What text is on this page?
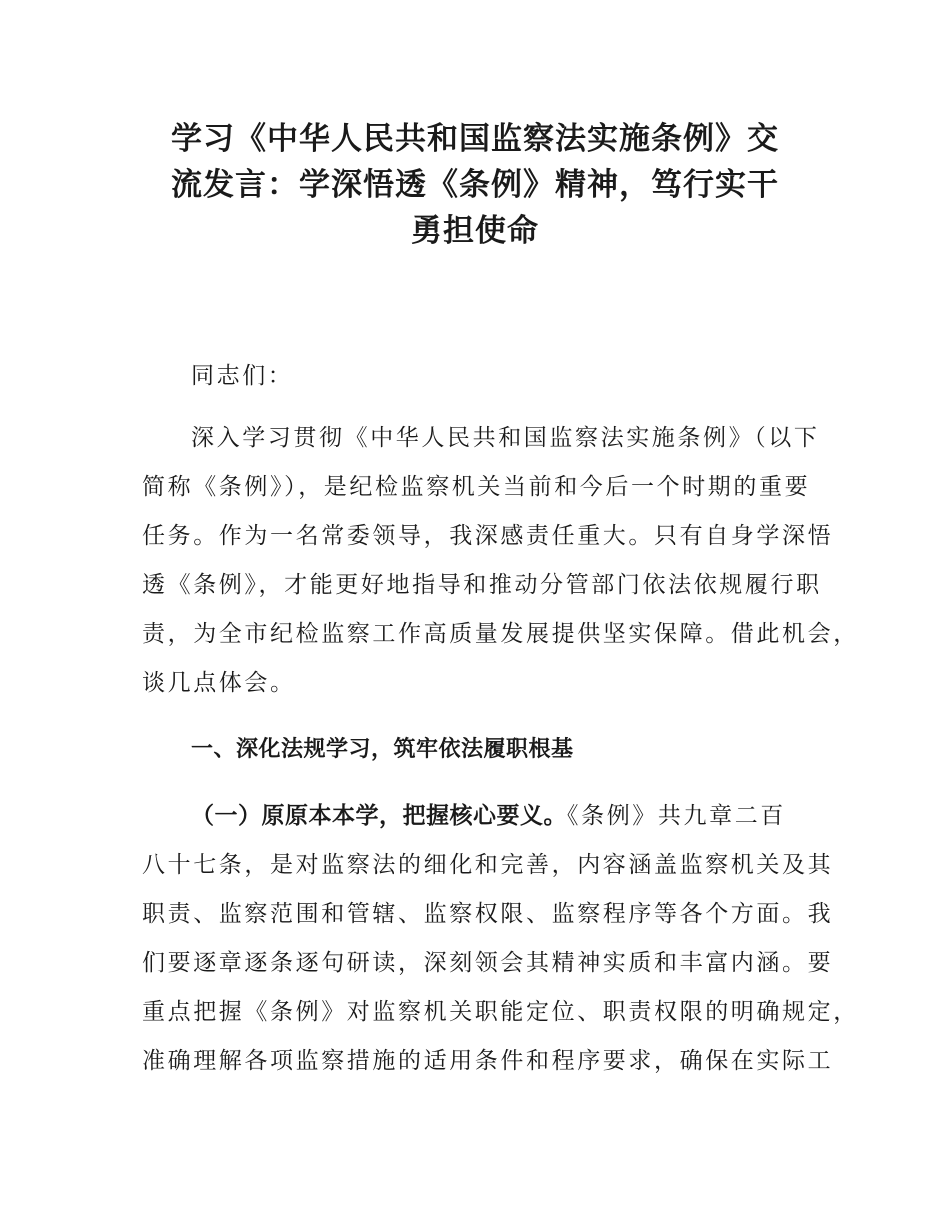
学习《中华人民共和国监察法实施条例》交
流发言：学深悟透《条例》精神，笃行实干
勇担使命

同志们：

深入学习贯彻《中华人民共和国监察法实施条例》（以下
简称《条例》），是纪检监察机关当前和今后一个时期的重要
任务。作为一名常委领导，我深感责任重大。只有自身学深悟
透《条例》，才能更好地指导和推动分管部门依法依规履行职
责，为全市纪检监察工作高质量发展提供坚实保障。借此机会，
谈几点体会。

一、深化法规学习，筑牢依法履职根基

（一）原原本本学，把握核心要义。《条例》共九章二百
八十七条，是对监察法的细化和完善，内容涵盖监察机关及其
职责、监察范围和管辖、监察权限、监察程序等各个方面。我
们要逐章逐条逐句研读，深刻领会其精神实质和丰富内涵。要
重点把握《条例》对监察机关职能定位、职责权限的明确规定，
准确理解各项监察措施的适用条件和程序要求，确保在实际工
